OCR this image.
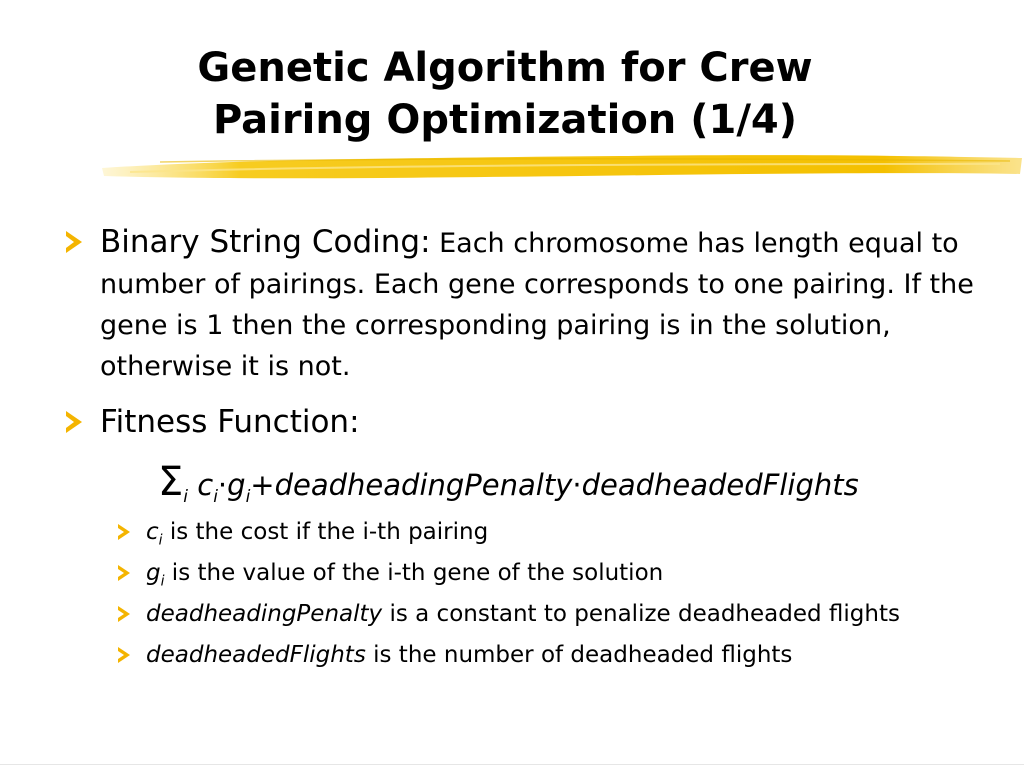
Genetic Algorithm for Crew
Pairing Optimization (1/4)
Binary String Coding: Each chromosome has length equal to number of pairings. Each gene corresponds to one pairing. If the gene is 1 then the corresponding pairing is in the solution, otherwise it is not.
Fitness Function:
$\Sigma_i$ $c_i\cdot g_i+deadheadingPenalty\cdot deadheadedFlights$
$c_i$ is the cost if the i-th pairing
$g_i$ is the value of the i-th gene of the solution
deadheadingPenalty is a constant to penalize deadheaded flights
deadheadedFlights is the number of deadheaded flights
